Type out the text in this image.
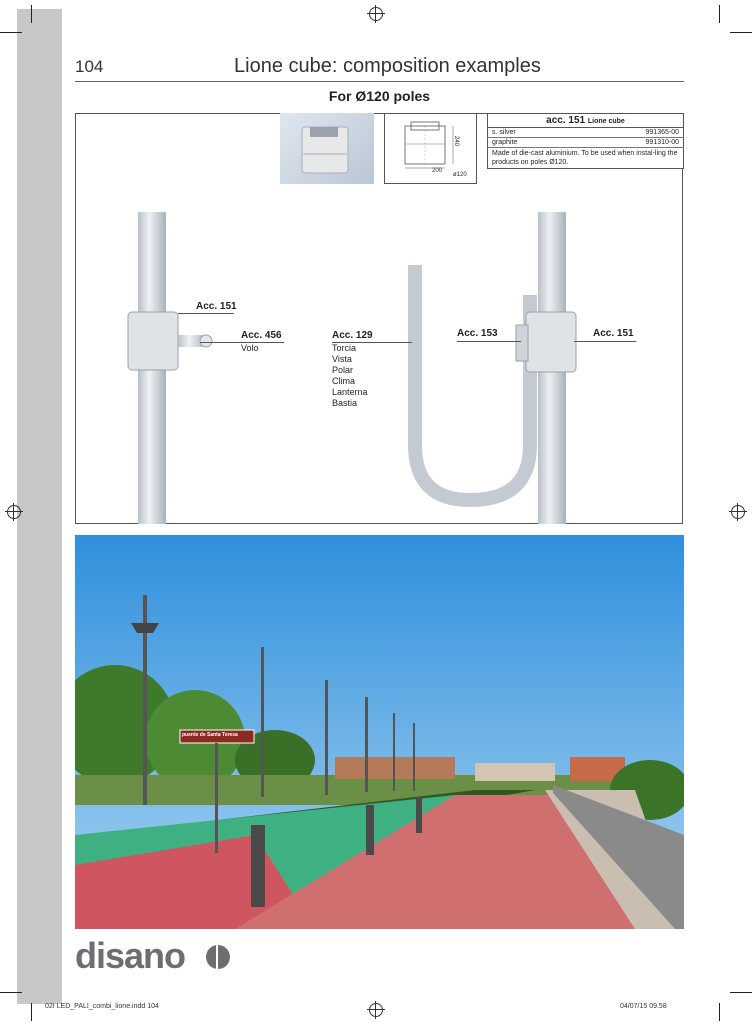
104	Lione cube: composition examples
For Ø120 poles
200
240
ø120
acc. 151 Lione cube	
s. silver	991365-00
graphite	991310-00
Made of die-cast aluminium. To be used when instal-ling the products on poles Ø120.	
Acc. 151
Acc. 456
Volo
Acc. 129
Torcia
Vista
Polar
Clima
Lanterna
Bastia
Acc. 153	Acc. 151
puente de Santa Teresa
disano
02I LED_PALI_combi_lione.indd 104	04/07/15 09.58
